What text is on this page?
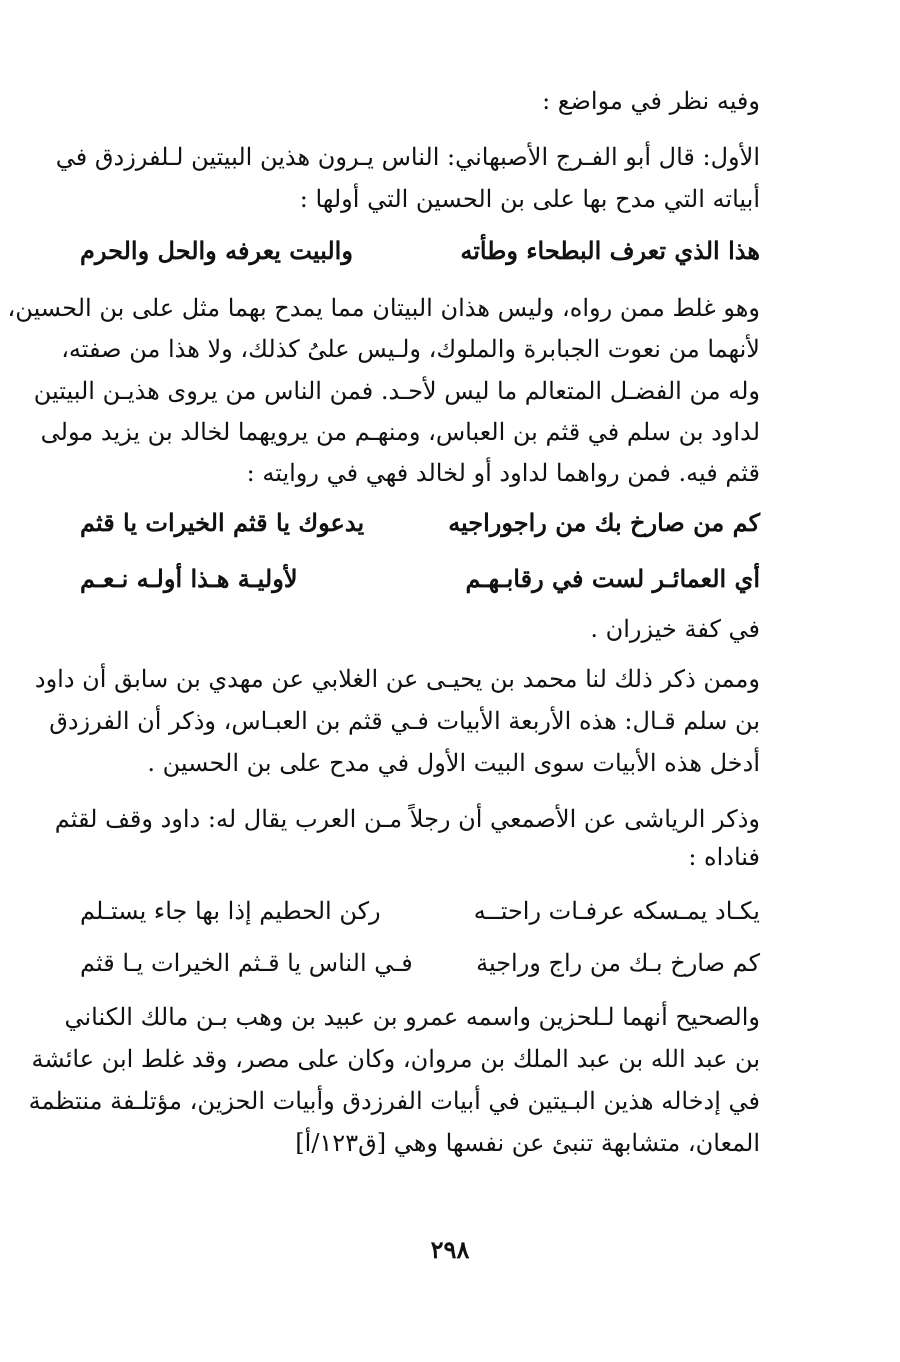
وفيه نظر في مواضع :
الأول: قال أبو الفـرج الأصبهاني: الناس يـرون هذين البيتين لـلفرزدق في
أبياته التي مدح بها على بن الحسين التي أولها :
هذا الذي تعرف البطحاء وطأته
والبيت يعرفه والحل والحرم
وهو غلط ممن رواه، وليس هذان البيتان مما يمدح بهما مثل على بن الحسين،
لأنهما من نعوت الجبابرة والملوك، ولـيس علىُ كذلك، ولا هذا من صفته،
وله من الفضـل المتعالم ما ليس لأحـد. فمن الناس من يروى هذيـن البيتين
لداود بن سلم في قثم بن العباس، ومنهـم من يرويهما لخالد بن يزيد مولى
قثم فيه. فمن رواهما لداود أو لخالد فهي في روايته :
كم من صارخ بك من راجوراجيه
يدعوك يا قثم الخيرات يا قثم
أي العمائـر لست في رقابـهـم
لأوليـة هـذا أولـه نـعـم
في كفة خيزران .
وممن ذكر ذلك لنا محمد بن يحيـى عن الغلابي عن مهدي بن سابق أن داود
بن سلم قـال: هذه الأربعة الأبيات فـي قثم بن العبـاس، وذكر أن الفرزدق
أدخل هذه الأبيات سوى البيت الأول في مدح على بن الحسين .
وذكر الرياشى عن الأصمعي أن رجلاً مـن العرب يقال له: داود وقف لقثم
فناداه :
يكـاد يمـسكه عرفـات راحتــه
ركن الحطيم إذا بها جاء يستـلم
كم صارخ بـك من راج وراجية
فـي الناس يا قـثم الخيرات يـا قثم
والصحيح أنهما لـلحزين واسمه عمرو بن عبيد بن وهب بـن مالك الكناني
بن عبد الله بن عبد الملك بن مروان، وكان على مصر، وقد غلط ابن عائشة
في إدخاله هذين البـيتين في أبيات الفرزدق وأبيات الحزين، مؤتلـفة منتظمة
المعان، متشابهة تنبئ عن نفسها وهي [ق١٢٣/أ]
٢٩٨
